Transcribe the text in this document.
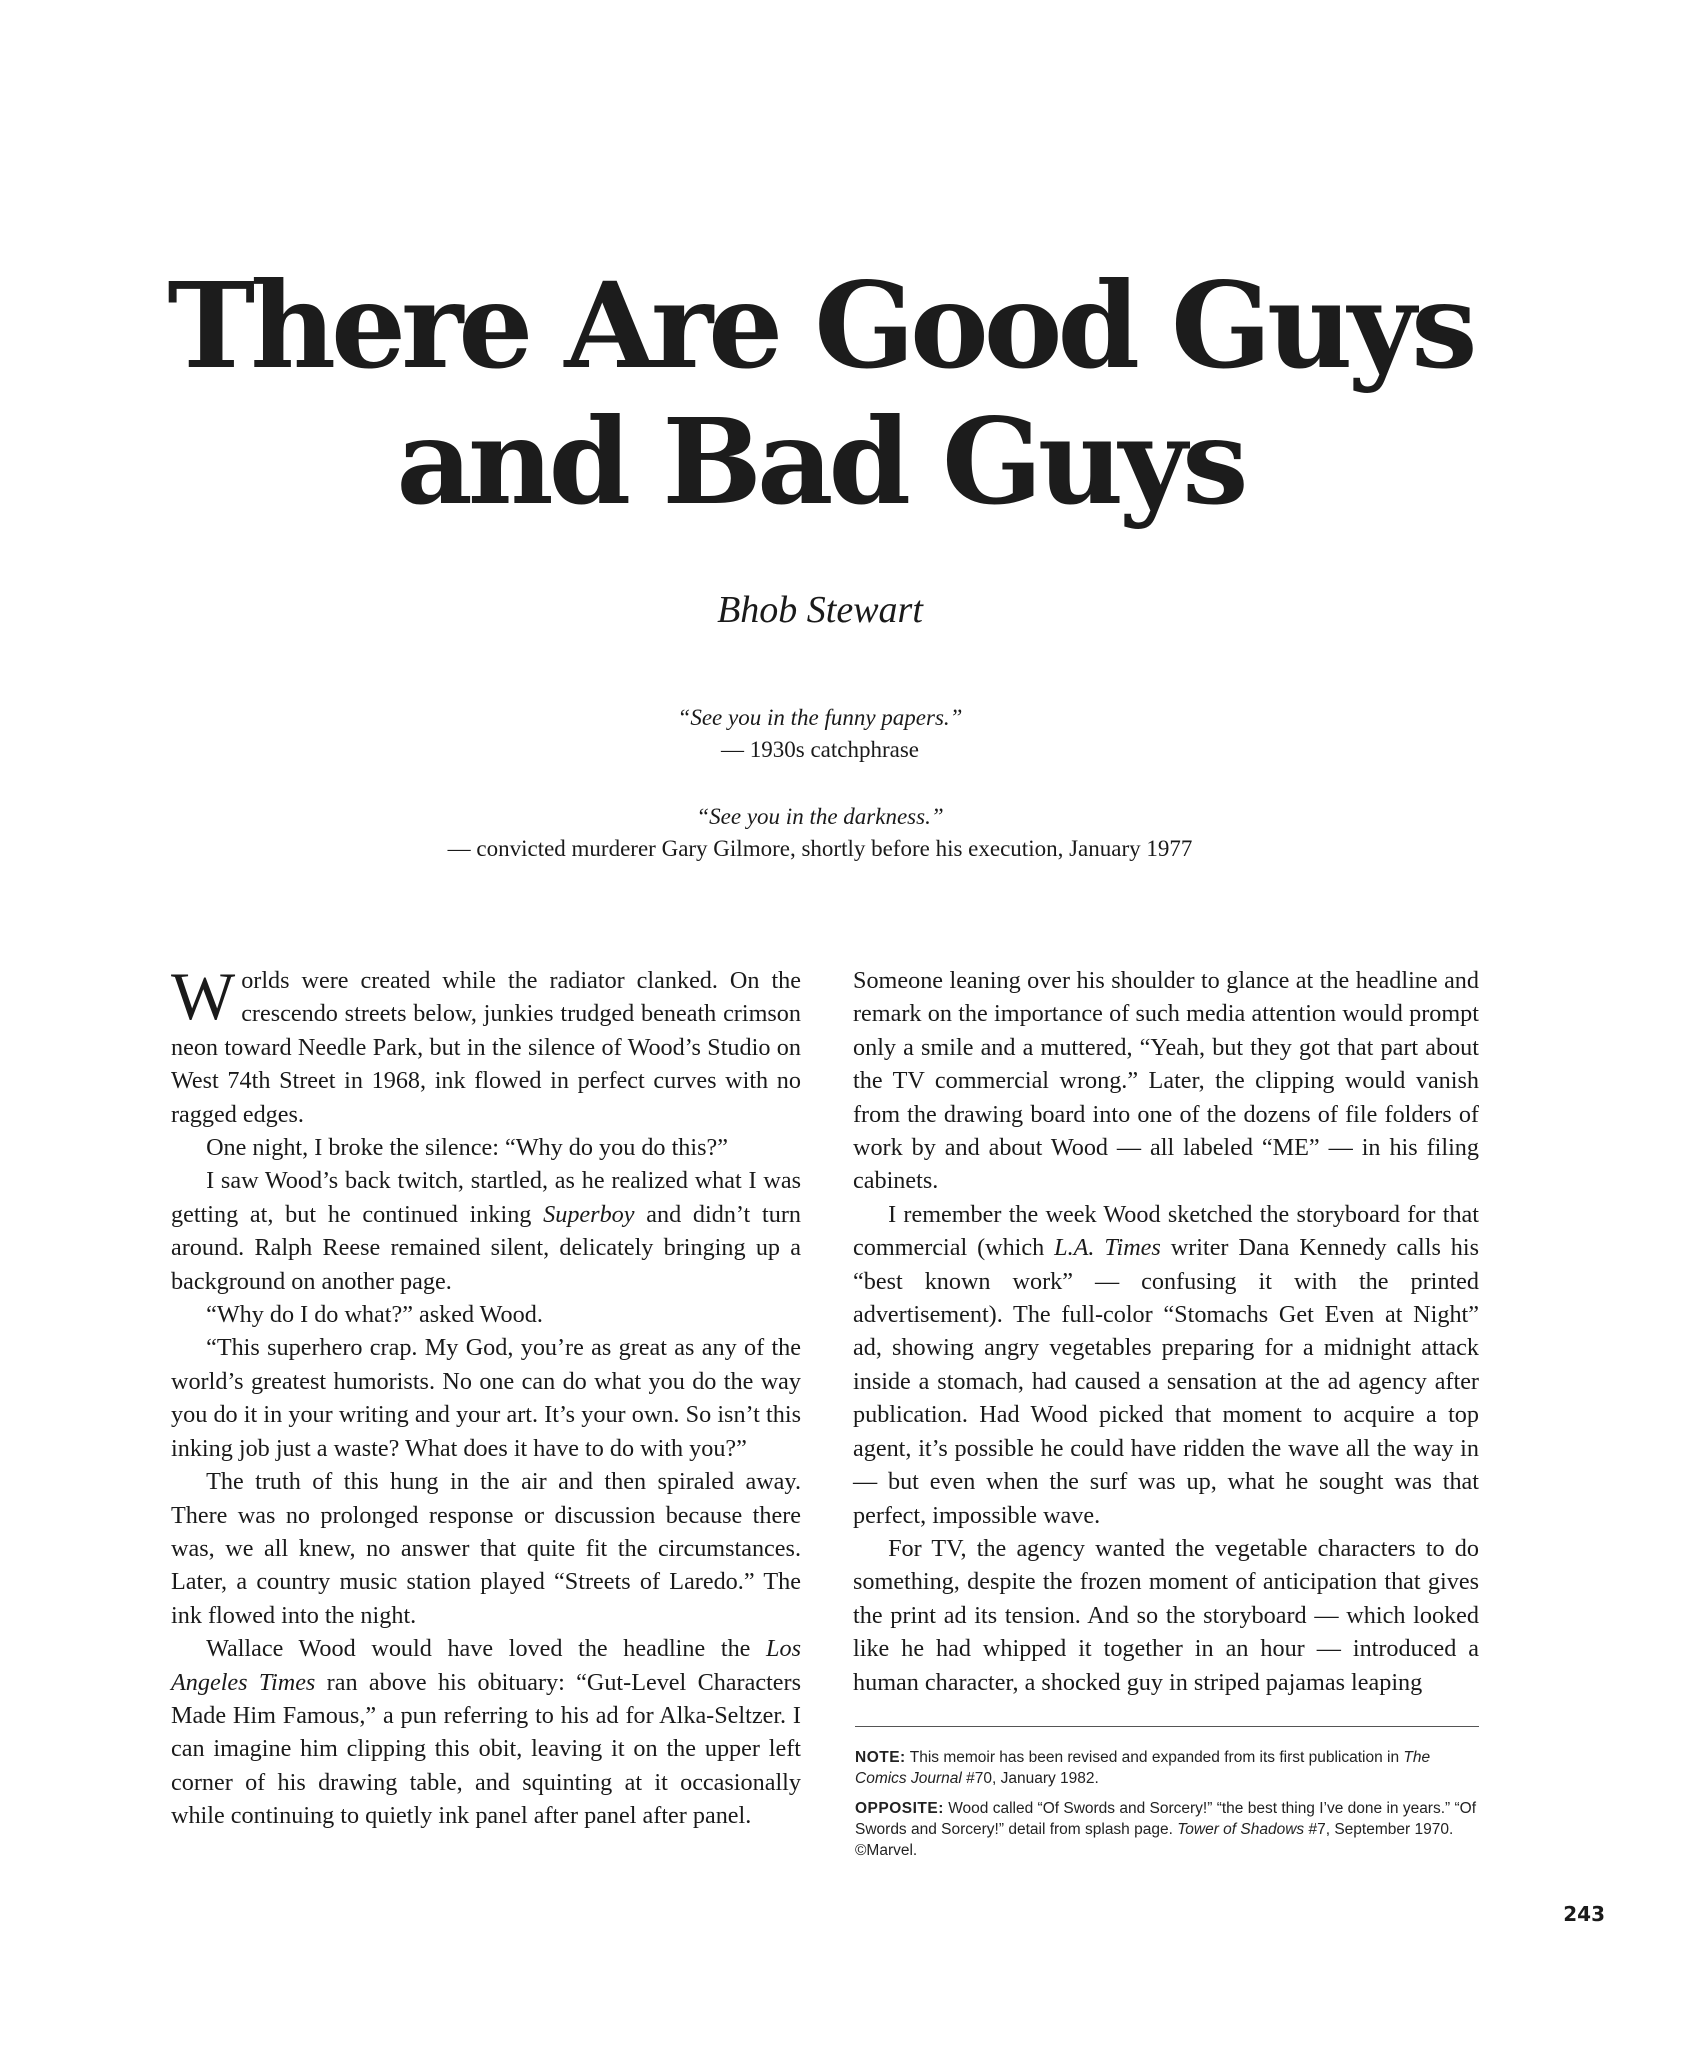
There Are Good Guys
and Bad Guys

Bhob Stewart

“See you in the funny papers.”
— 1930s catchphrase
“See you in the darkness.”
— convicted murderer Gary Gilmore, shortly before his execution, January 1977

Worlds were created while the radiator clanked. On the crescendo streets below, junkies trudged beneath crimson neon toward Needle Park, but in the silence of Wood’s Studio on West 74th Street in 1968, ink flowed in perfect curves with no ragged edges.

One night, I broke the silence: “Why do you do this?”

I saw Wood’s back twitch, startled, as he realized what I was getting at, but he continued inking Superboy and didn’t turn around. Ralph Reese remained silent, delicately bringing up a background on another page.

“Why do I do what?” asked Wood.

“This superhero crap. My God, you’re as great as any of the world’s greatest humorists. No one can do what you do the way you do it in your writing and your art. It’s your own. So isn’t this inking job just a waste? What does it have to do with you?”

The truth of this hung in the air and then spiraled away. There was no prolonged response or discussion because there was, we all knew, no answer that quite fit the circumstances. Later, a country music station played “Streets of Laredo.” The ink flowed into the night.

Wallace Wood would have loved the headline the Los Angeles Times ran above his obituary: “Gut-Level Characters Made Him Famous,” a pun referring to his ad for Alka-Seltzer. I can imagine him clipping this obit, leaving it on the upper left corner of his drawing table, and squinting at it occasionally while continuing to quietly ink panel after panel after panel.

Someone leaning over his shoulder to glance at the headline and remark on the importance of such media attention would prompt only a smile and a muttered, “Yeah, but they got that part about the TV commercial wrong.” Later, the clipping would vanish from the drawing board into one of the dozens of file folders of work by and about Wood — all labeled “ME” — in his filing cabinets.

I remember the week Wood sketched the storyboard for that commercial (which L.A. Times writer Dana Kennedy calls his “best known work” — confusing it with the printed advertisement). The full-color “Stomachs Get Even at Night” ad, showing angry vegetables preparing for a midnight attack inside a stomach, had caused a sensation at the ad agency after publication. Had Wood picked that moment to acquire a top agent, it’s possible he could have ridden the wave all the way in — but even when the surf was up, what he sought was that perfect, impossible wave.

For TV, the agency wanted the vegetable characters to do something, despite the frozen moment of anticipation that gives the print ad its tension. And so the storyboard — which looked like he had whipped it together in an hour — introduced a human character, a shocked guy in striped pajamas leaping

NOTE: This memoir has been revised and expanded from its first publication in The Comics Journal #70, January 1982.

OPPOSITE: Wood called “Of Swords and Sorcery!” “the best thing I’ve done in years.” “Of Swords and Sorcery!” detail from splash page. Tower of Shadows #7, September 1970. ©Marvel.

243
